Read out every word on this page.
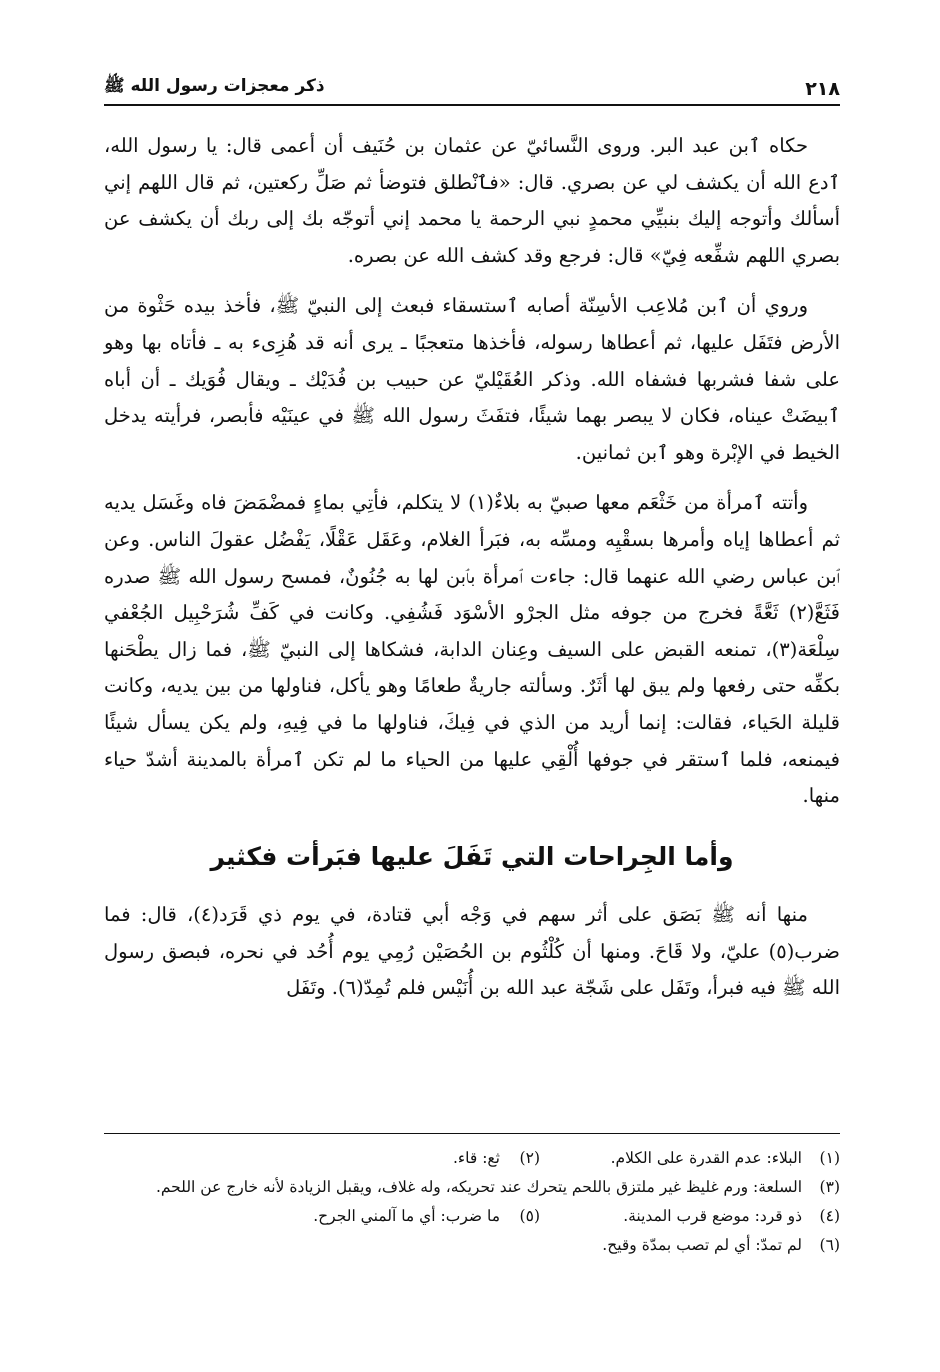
٢١٨
ذكر معجزات رسول الله ﷺ

حكاه ٱبن عبد البر. وروى النَّسائيّ عن عثمان بن حُنَيف أن أعمى قال: يا رسول الله، ٱدع الله أن يكشف لي عن بصري. قال: «فٱنْطلق فتوضأ ثم صَلِّ ركعتين، ثم قال اللهم إني أسألك وأتوجه إليك بنبيِّي محمدٍ نبي الرحمة يا محمد إني أتوجّه بك إلى ربك أن يكشف عن بصري اللهم شفِّعه فِيّ» قال: فرجع وقد كشف الله عن بصره.

وروي أن ٱبن مُلاعِب الأسِنّة أصابه ٱستسقاء فبعث إلى النبيّ ﷺ، فأخذ بيده حَثْوة من الأرض فتَفَل عليها، ثم أعطاها رسوله، فأخذها متعجبًا ـ يرى أنه قد هُزِىء به ـ فأتاه بها وهو على شفا فشربها فشفاه الله. وذكر العُقَيْليّ عن حبيب بن فُدَيْك ـ ويقال فُوَيك ـ أن أباه ٱبيضَتْ عيناه، فكان لا يبصر بهما شيئًا، فتفَثَ رسول الله ﷺ في عينَيْه فأبصر، فرأيته يدخل الخيط في الإبْرة وهو ٱبن ثمانين.

وأتته ٱمرأة من خَثْعَم معها صبيّ به بلاءٌ(١) لا يتكلم، فأتِي بماءٍ فمضْمَضَ فاه وغَسَل يديه ثم أعطاها إياه وأمرها بسقْيِه ومسِّه به، فبَرأ الغلام، وعَقَل عَقْلًا، يَفْضُل عقولَ الناس. وعن ٱبن عباس رضي الله عنهما قال: جاءت ٱمرأة بٱبن لها به جُنُونٌ، فمسح رسول الله ﷺ صدره فَثَعَّ(٢) ثَعَّةً فخرج من جوفه مثل الجرْو الأسْوَد فَشُفِي. وكانت في كَفِّ شُرَحْبِيل الجُعْفي سِلْعَة(٣)، تمنعه القبض على السيف وعِنان الدابة، فشكاها إلى النبيّ ﷺ، فما زال يطْحَنها بكفِّه حتى رفعها ولم يبق لها أثَرٌ. وسألته جاريةٌ طعامًا وهو يأكل، فناولها من بين يديه، وكانت قليلة الحَياء، فقالت: إنما أريد من الذي في فِيكَ، فناولها ما في فِيهِ، ولم يكن يسأل شيئًا فيمنعه، فلما ٱستقر في جوفها أُلْقِي عليها من الحياء ما لم تكن ٱمرأة بالمدينة أشدّ حياء منها.

وأما الجِراحات التي تَفَلَ عليها فبَرأت فكثير

منها أنه ﷺ بَصَق على أثر سهم في وَجْه أبي قتادة، في يوم ذي قَرَد(٤)، قال: فما ضرب(٥) عليّ، ولا قَاحَ. ومنها أن كُلْثُوم بن الحُصَيْن رُمِي يوم أُحُد في نحره، فبصق رسول الله ﷺ فيه فبرأ، وتَفَل على شَجّة عبد الله بن أُنَيْس فلم تُمِدّ(٦). وتَفَل

(١)
البلاء: عدم القدرة على الكلام.
(٢)
ثع: قاء.
(٣)
السلعة: ورم غليظ غير ملتزق باللحم يتحرك عند تحريكه، وله غلاف، ويقبل الزيادة لأنه خارج عن اللحم.
(٤)
ذو قرد: موضع قرب المدينة.
(٥)
ما ضرب: أي ما آلمني الجرح.
(٦)
لم تمدّ: أي لم تصب بمدّة وقيح.
